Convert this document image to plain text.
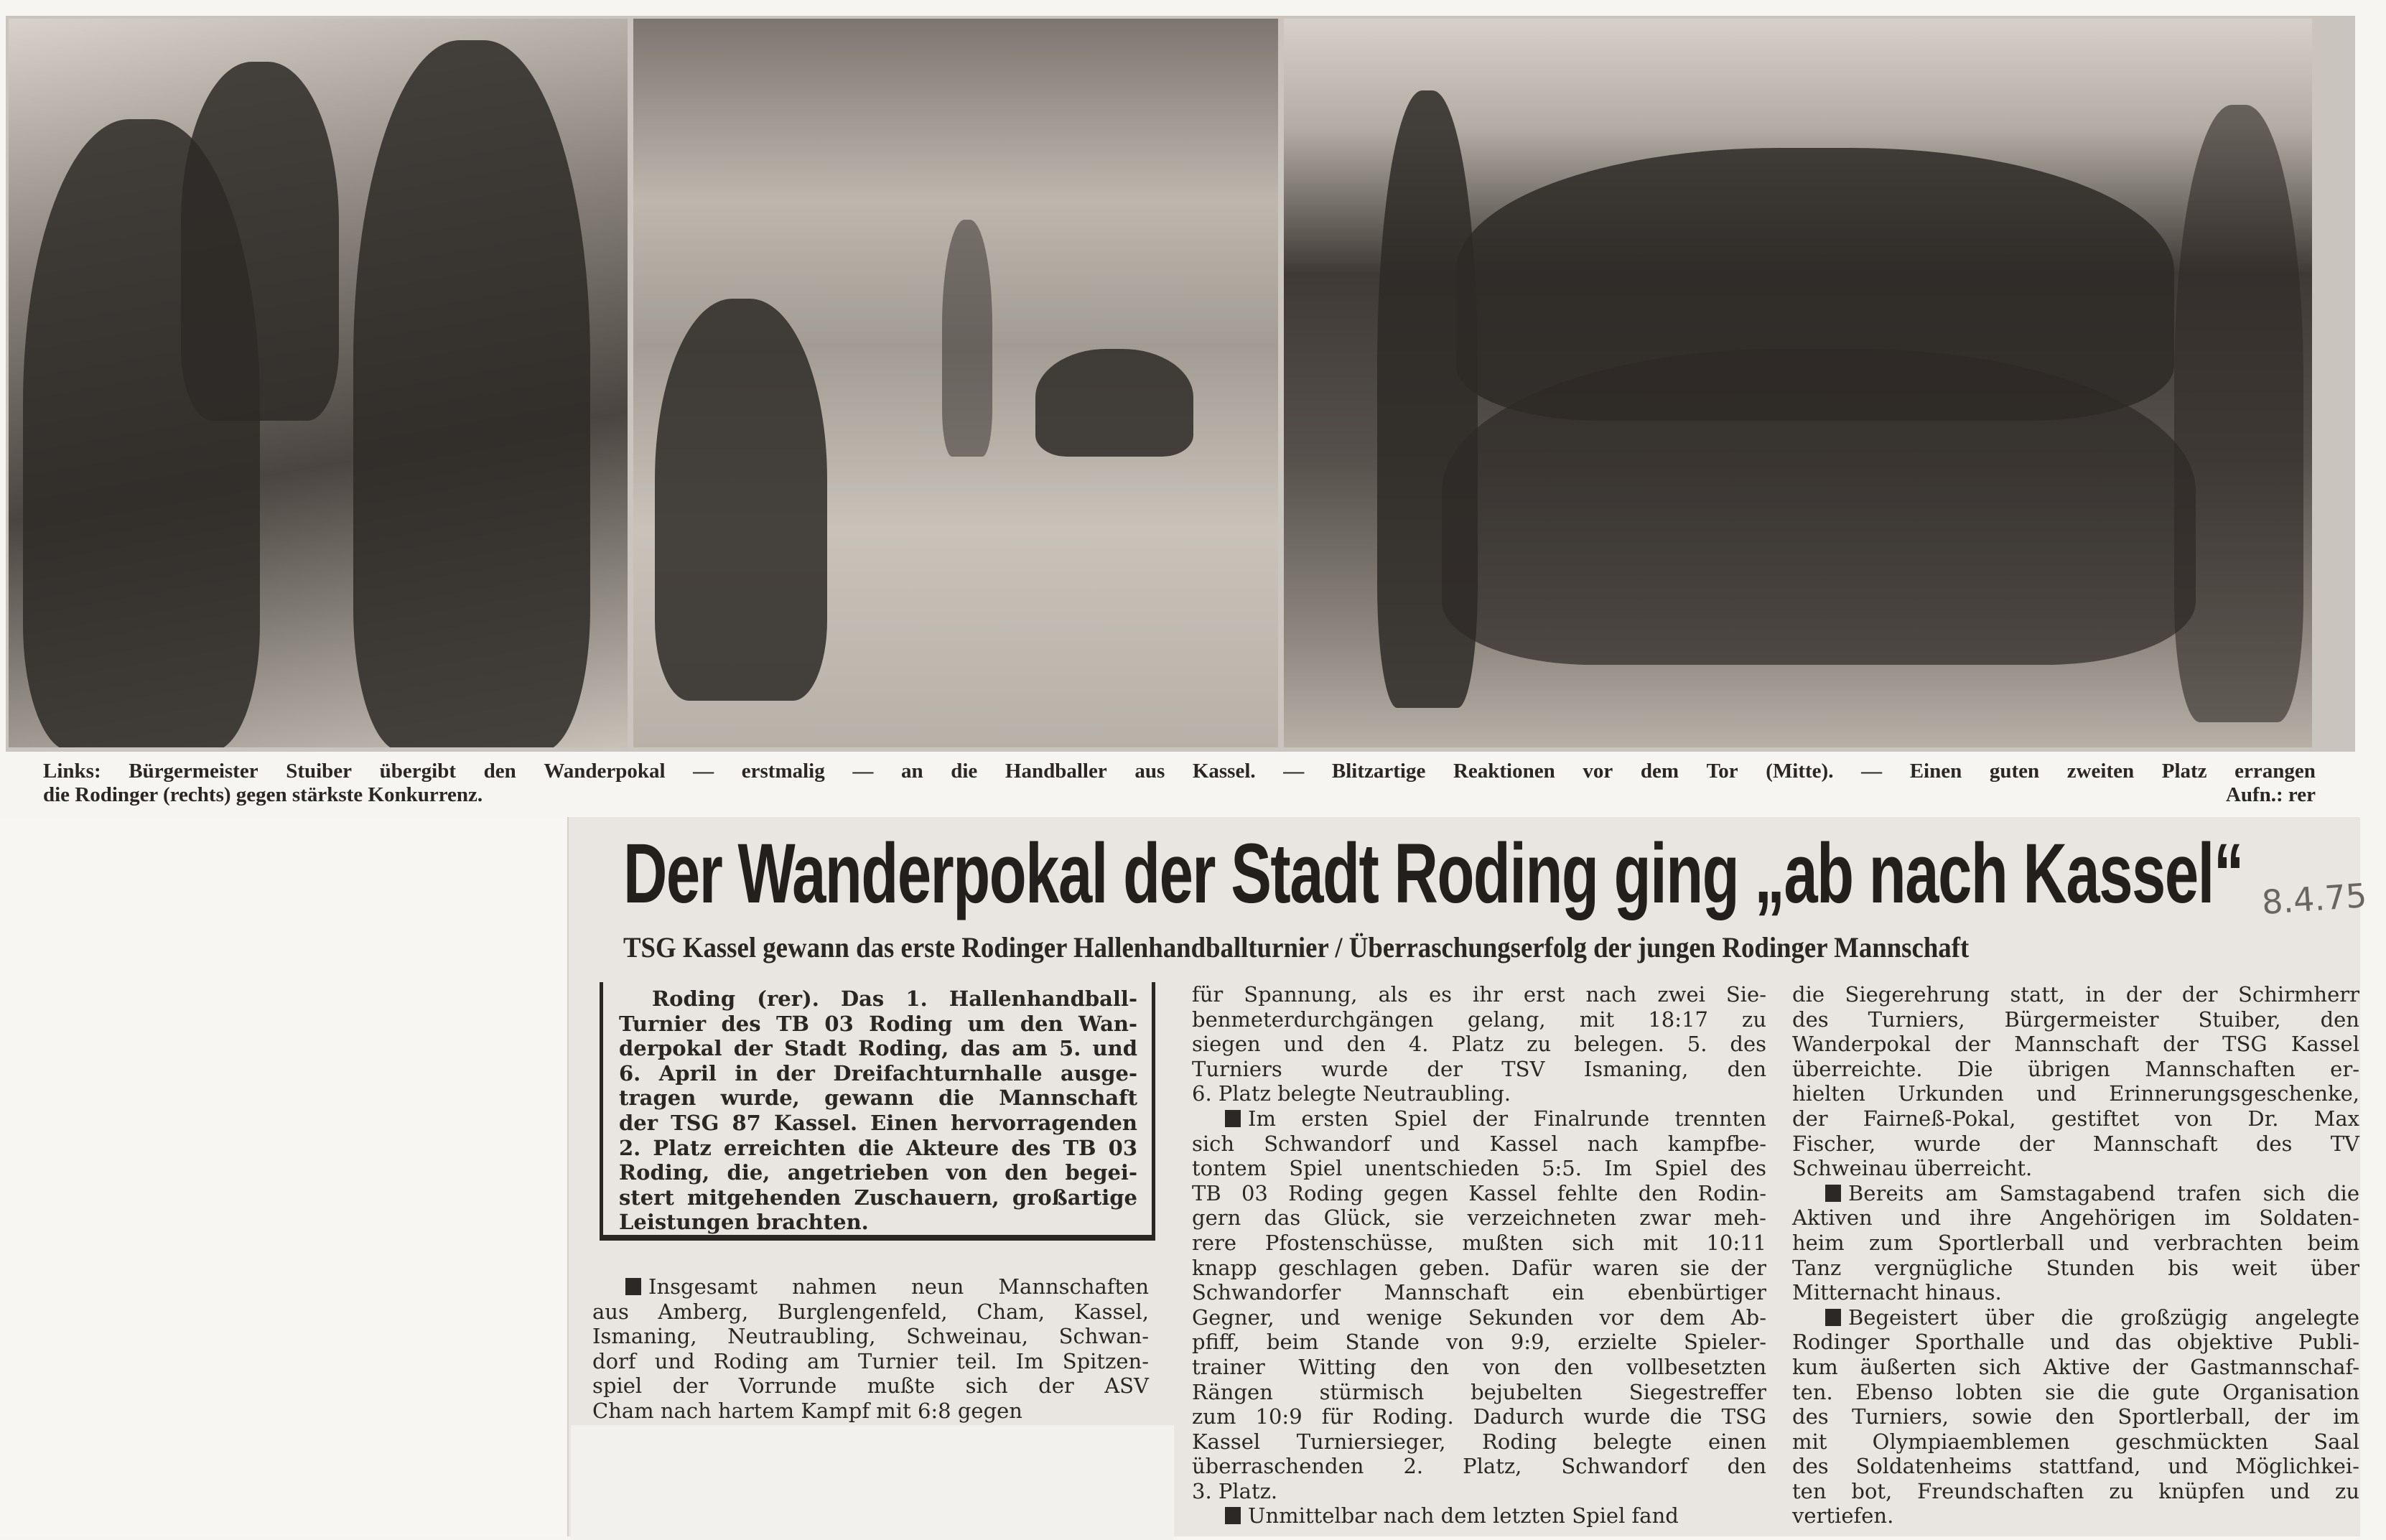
Links: Bürgermeister Stuiber übergibt den Wanderpokal — erstmalig — an die Handballer aus Kassel. — Blitzartige Reaktionen vor dem Tor (Mitte). — Einen guten zweiten Platz errangen
die Rodinger (rechts) gegen stärkste Konkurrenz.	Aufn.: rer
Der Wanderpokal der Stadt Roding ging „ab nach Kassel“ 8.4.75
TSG Kassel gewann das erste Rodinger Hallenhandballturnier / Überraschungserfolg der jungen Rodinger Mannschaft
Roding (rer). Das 1. Hallenhandball-
Turnier des TB 03 Roding um den Wan-
derpokal der Stadt Roding, das am 5. und
6. April in der Dreifachturnhalle ausge-
tragen wurde, gewann die Mannschaft
der TSG 87 Kassel. Einen hervorragenden
2. Platz erreichten die Akteure des TB 03
Roding, die, angetrieben von den begei-
stert mitgehenden Zuschauern, großartige
Leistungen brachten.
Insgesamt nahmen neun Mannschaften
aus Amberg, Burglengenfeld, Cham, Kassel,
Ismaning, Neutraubling, Schweinau, Schwan-
dorf und Roding am Turnier teil. Im Spitzen-
spiel der Vorrunde mußte sich der ASV
Cham nach hartem Kampf mit 6:8 gegen
für Spannung, als es ihr erst nach zwei Sie-
benmeterdurchgängen gelang, mit 18:17 zu
siegen und den 4. Platz zu belegen. 5. des
Turniers wurde der TSV Ismaning, den
6. Platz belegte Neutraubling.
Im ersten Spiel der Finalrunde trennten
sich Schwandorf und Kassel nach kampfbe-
tontem Spiel unentschieden 5:5. Im Spiel des
TB 03 Roding gegen Kassel fehlte den Rodin-
gern das Glück, sie verzeichneten zwar meh-
rere Pfostenschüsse, mußten sich mit 10:11
knapp geschlagen geben. Dafür waren sie der
Schwandorfer Mannschaft ein ebenbürtiger
Gegner, und wenige Sekunden vor dem Ab-
pfiff, beim Stande von 9:9, erzielte Spieler-
trainer Witting den von den vollbesetzten
Rängen stürmisch bejubelten Siegestreffer
zum 10:9 für Roding. Dadurch wurde die TSG
Kassel Turniersieger, Roding belegte einen
überraschenden 2. Platz, Schwandorf den
3. Platz.
Unmittelbar nach dem letzten Spiel fand
die Siegerehrung statt, in der der Schirmherr
des Turniers, Bürgermeister Stuiber, den
Wanderpokal der Mannschaft der TSG Kassel
überreichte. Die übrigen Mannschaften er-
hielten Urkunden und Erinnerungsgeschenke,
der Fairneß-Pokal, gestiftet von Dr. Max
Fischer, wurde der Mannschaft des TV
Schweinau überreicht.
Bereits am Samstagabend trafen sich die
Aktiven und ihre Angehörigen im Soldaten-
heim zum Sportlerball und verbrachten beim
Tanz vergnügliche Stunden bis weit über
Mitternacht hinaus.
Begeistert über die großzügig angelegte
Rodinger Sporthalle und das objektive Publi-
kum äußerten sich Aktive der Gastmannschaf-
ten. Ebenso lobten sie die gute Organisation
des Turniers, sowie den Sportlerball, der im
mit Olympiaemblemen geschmückten Saal
des Soldatenheims stattfand, und Möglichkei-
ten bot, Freundschaften zu knüpfen und zu
vertiefen.
